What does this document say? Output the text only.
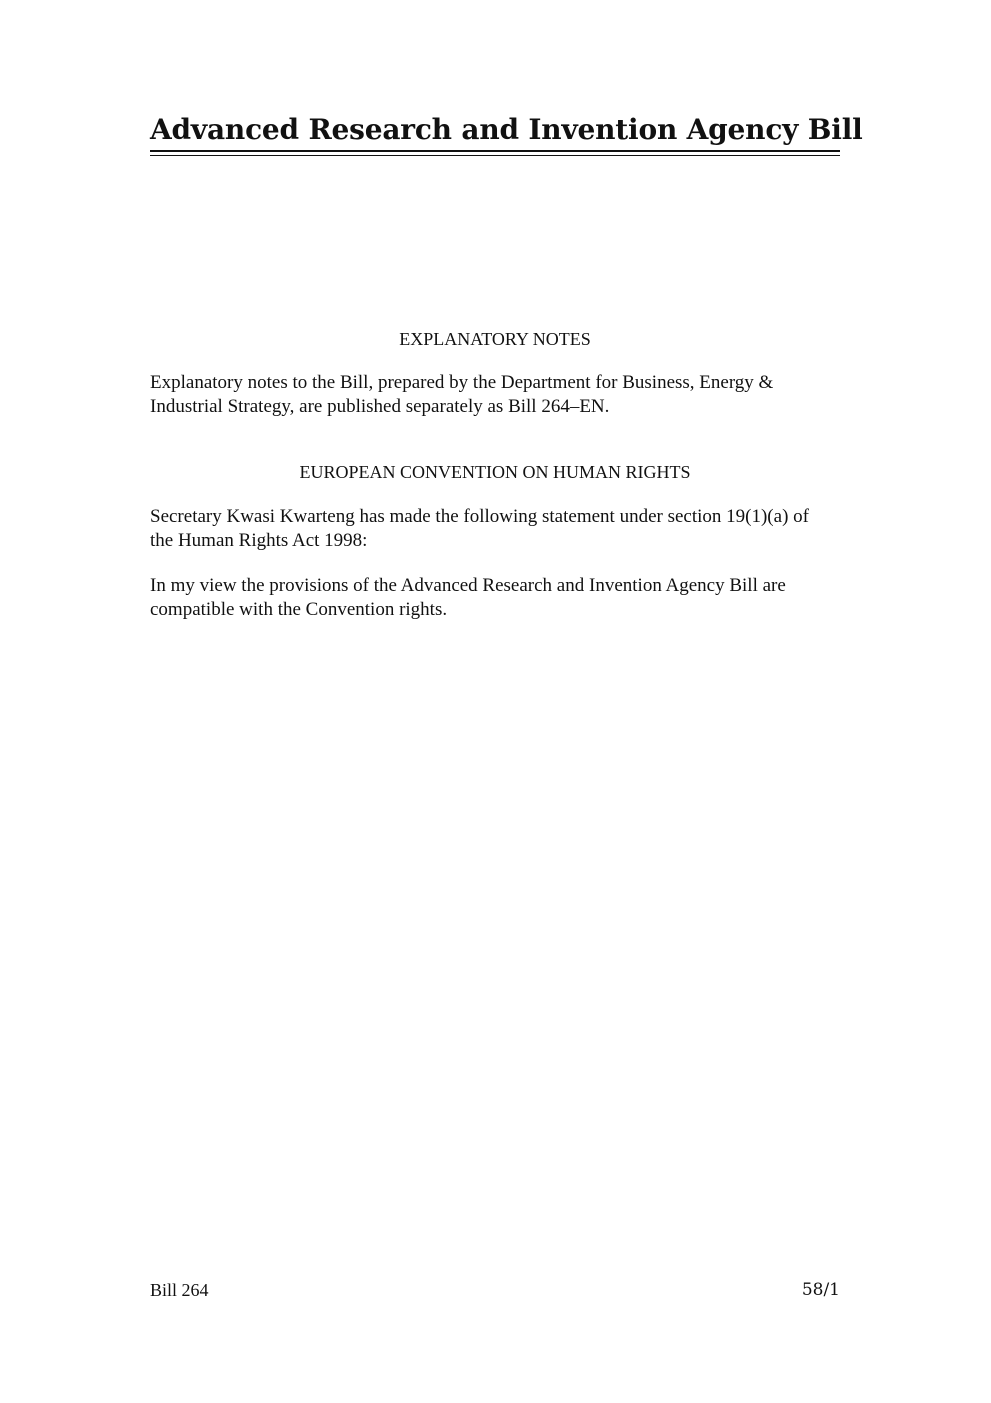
Advanced Research and Invention Agency Bill
EXPLANATORY NOTES
Explanatory notes to the Bill, prepared by the Department for Business, Energy &
Industrial Strategy, are published separately as Bill 264–EN.
EUROPEAN CONVENTION ON HUMAN RIGHTS
Secretary Kwasi Kwarteng has made the following statement under section 19(1)(a) of
the Human Rights Act 1998:
In my view the provisions of the Advanced Research and Invention Agency Bill are
compatible with the Convention rights.
Bill 264	58/1
